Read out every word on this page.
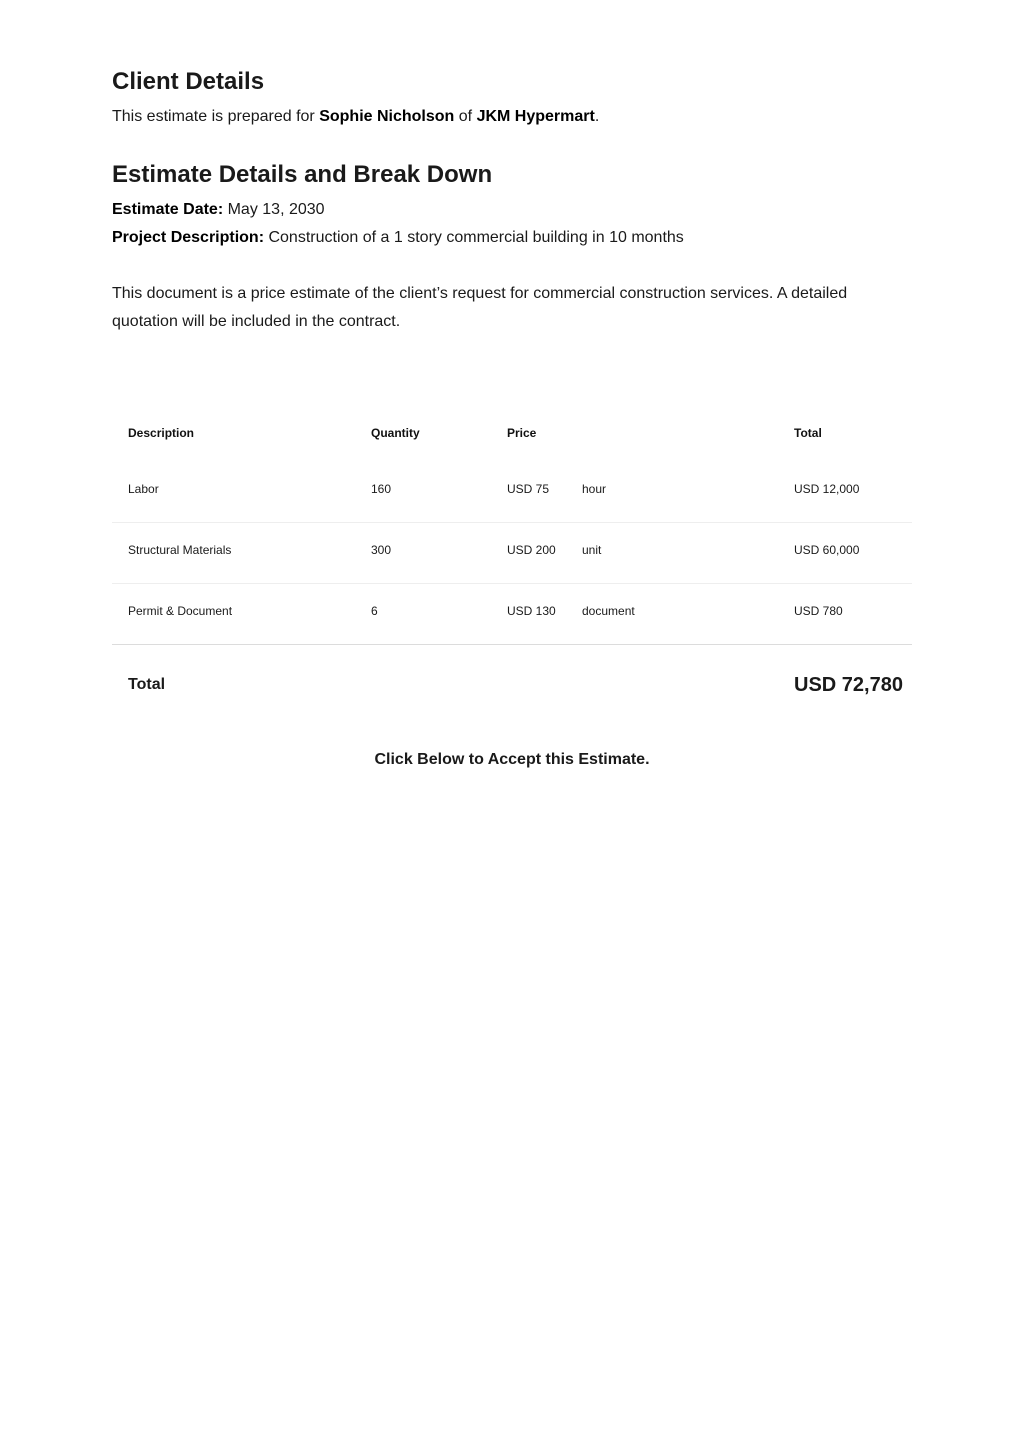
Client Details

This estimate is prepared for Sophie Nicholson of JKM Hypermart.

Estimate Details and Break Down

Estimate Date: May 13, 2030

Project Description: Construction of a 1 story commercial building in 10 months

This document is a price estimate of the client’s request for commercial construction services. A detailed quotation will be included in the contract.

Description	Quantity	Price	Total
Labor	160	USD 75	hour	USD 12,000
Structural Materials	300	USD 200 unit	USD 60,000
Permit & Document	6	USD 130 document	USD 780
Total	USD 72,780
Click Below to Accept this Estimate.
